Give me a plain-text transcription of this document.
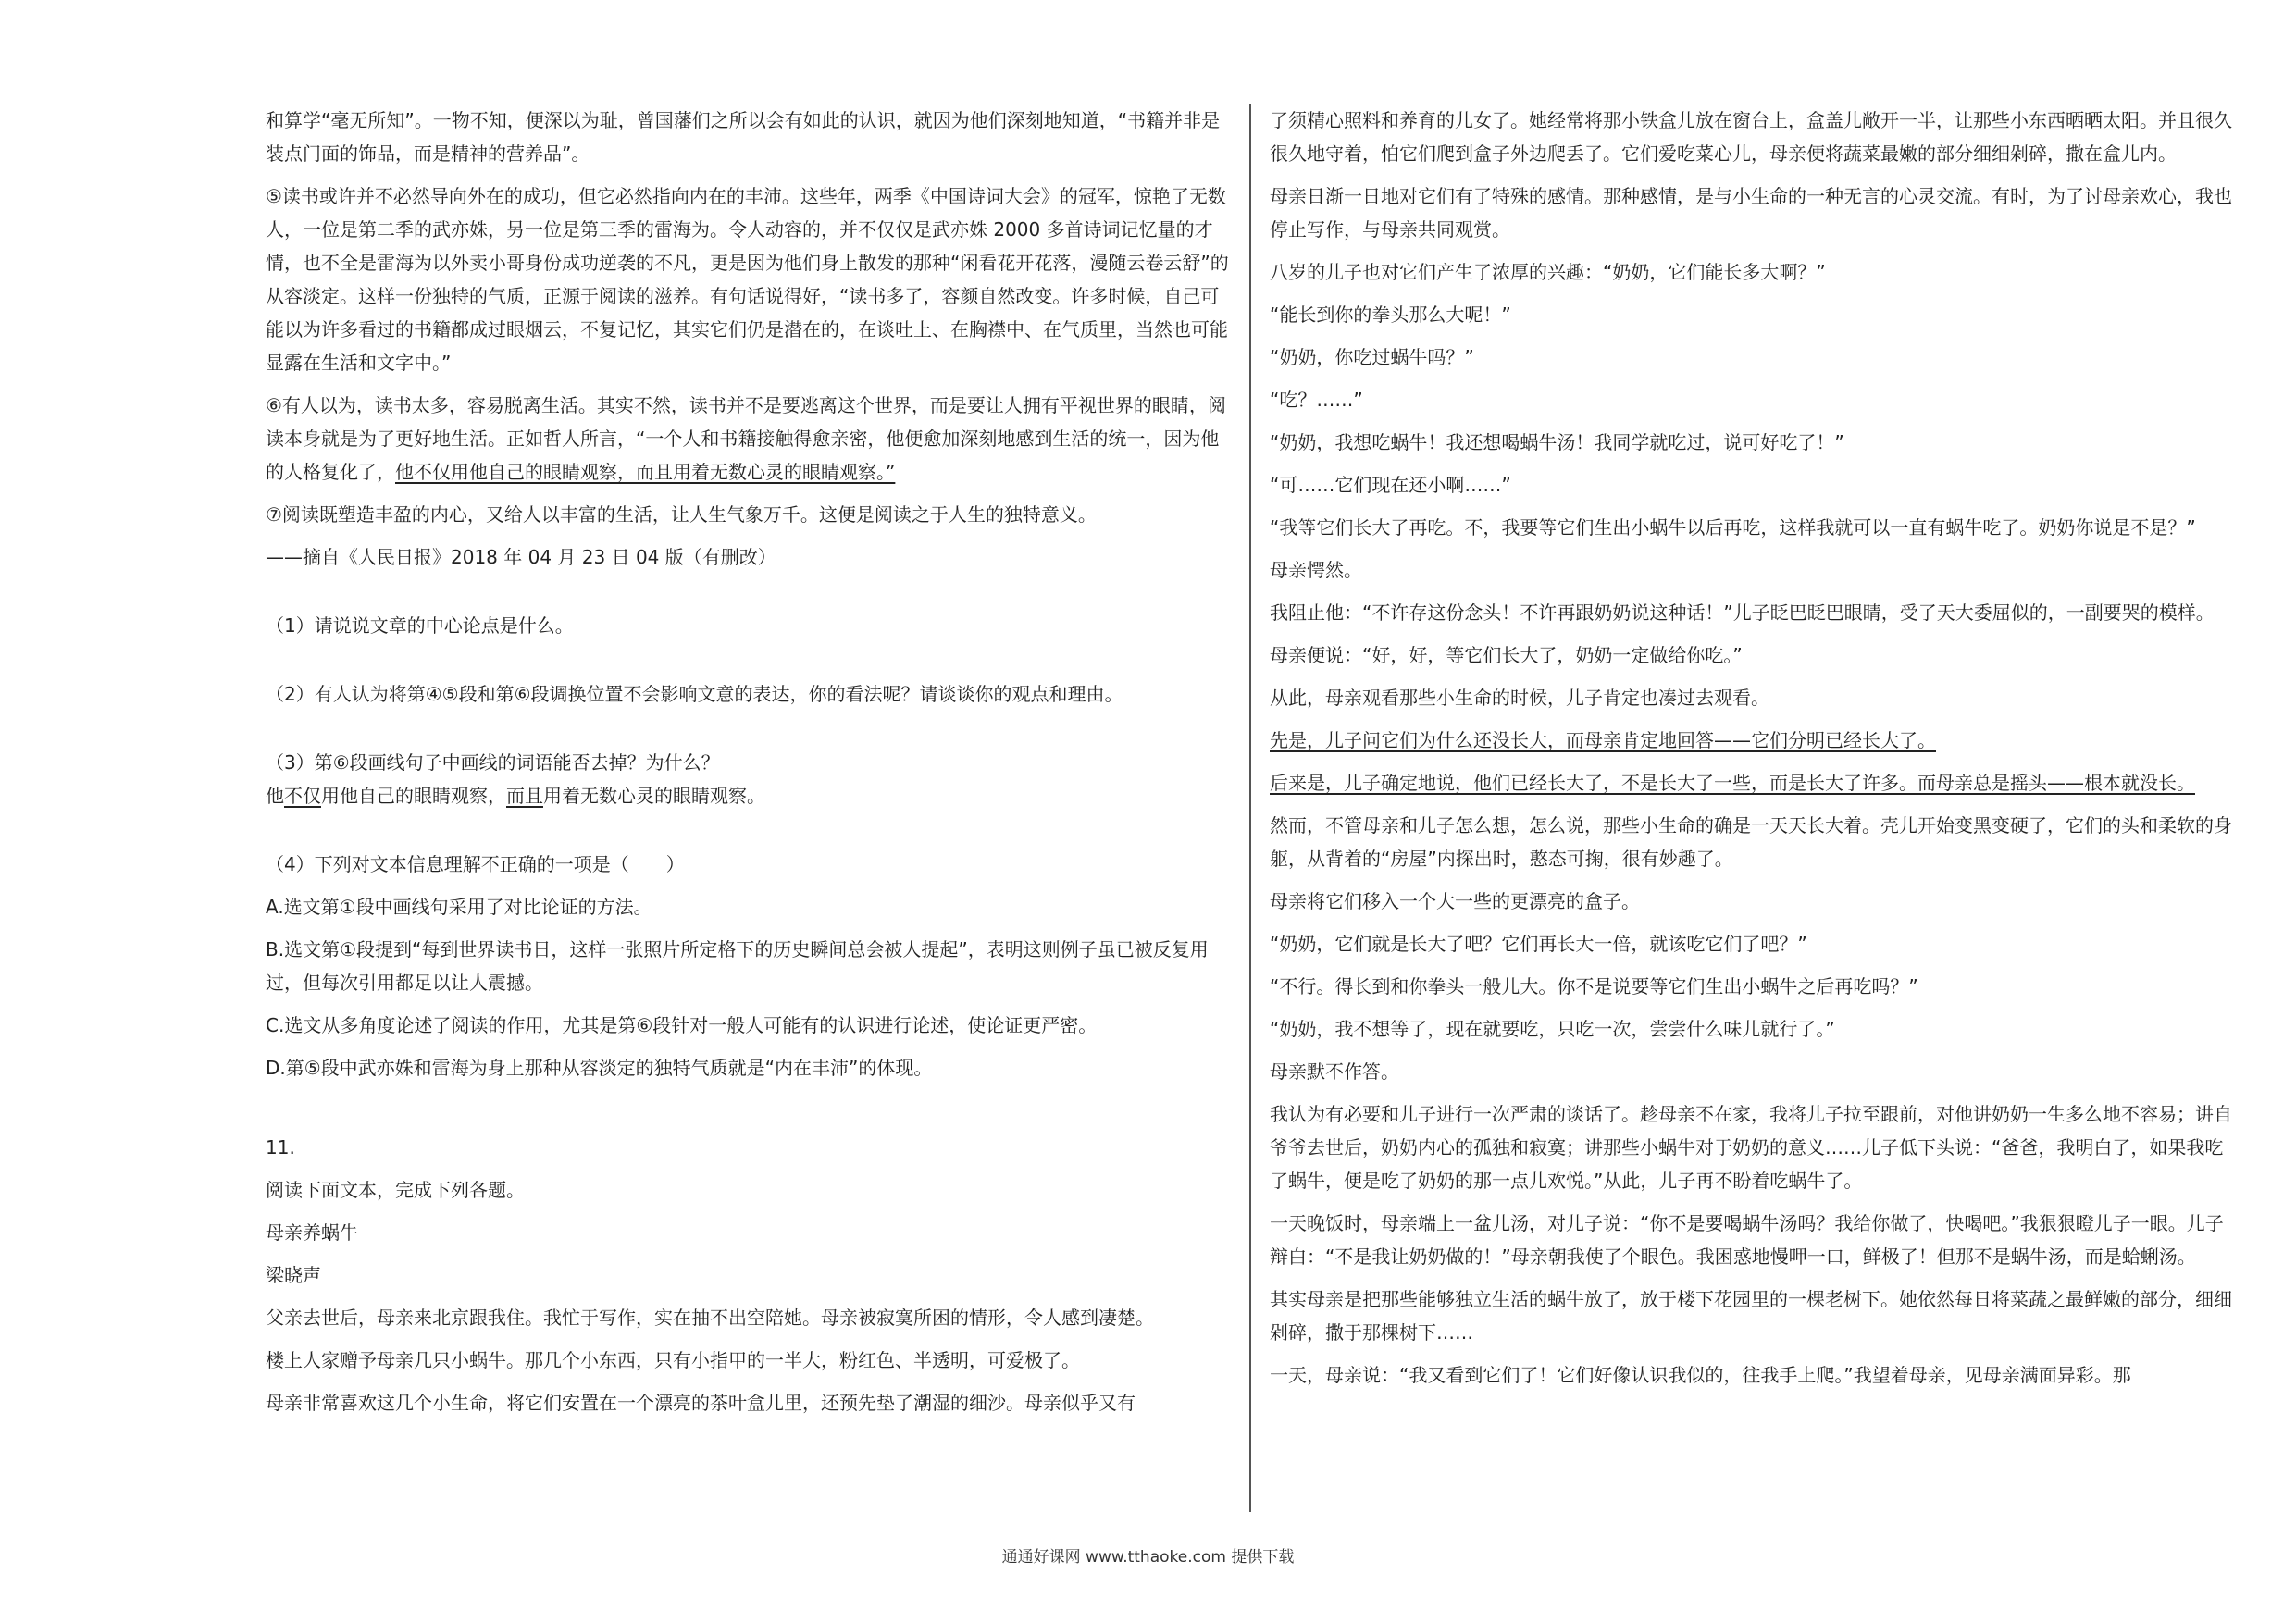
和算学“毫无所知”。一物不知，便深以为耻，曾国藩们之所以会有如此的认识，就因为他们深刻地知道，“书籍并非是装点门面的饰品，而是精神的营养品”。

⑤读书或许并不必然导向外在的成功，但它必然指向内在的丰沛。这些年，两季《中国诗词大会》的冠军，惊艳了无数人，一位是第二季的武亦姝，另一位是第三季的雷海为。令人动容的，并不仅仅是武亦姝 2000 多首诗词记忆量的才情，也不全是雷海为以外卖小哥身份成功逆袭的不凡，更是因为他们身上散发的那种“闲看花开花落，漫随云卷云舒”的从容淡定。这样一份独特的气质，正源于阅读的滋养。有句话说得好，“读书多了，容颜自然改变。许多时候，自己可能以为许多看过的书籍都成过眼烟云，不复记忆，其实它们仍是潜在的，在谈吐上、在胸襟中、在气质里，当然也可能显露在生活和文字中。”

⑥有人以为，读书太多，容易脱离生活。其实不然，读书并不是要逃离这个世界，而是要让人拥有平视世界的眼睛，阅读本身就是为了更好地生活。正如哲人所言，“一个人和书籍接触得愈亲密，他便愈加深刻地感到生活的统一，因为他的人格复化了，他不仅用他自己的眼睛观察，而且用着无数心灵的眼睛观察。”

⑦阅读既塑造丰盈的内心，又给人以丰富的生活，让人生气象万千。这便是阅读之于人生的独特意义。

——摘自《人民日报》2018 年 04 月 23 日 04 版（有删改）

（1）请说说文章的中心论点是什么。

（2）有人认为将第④⑤段和第⑥段调换位置不会影响文意的表达，你的看法呢？请谈谈你的观点和理由。

（3）第⑥段画线句子中画线的词语能否去掉？为什么？

他不仅用他自己的眼睛观察，而且用着无数心灵的眼睛观察。

（4）下列对文本信息理解不正确的一项是（　　）

A.选文第①段中画线句采用了对比论证的方法。

B.选文第①段提到“每到世界读书日，这样一张照片所定格下的历史瞬间总会被人提起”，表明这则例子虽已被反复用过，但每次引用都足以让人震撼。

C.选文从多角度论述了阅读的作用，尤其是第⑥段针对一般人可能有的认识进行论述，使论证更严密。

D.第⑤段中武亦姝和雷海为身上那种从容淡定的独特气质就是“内在丰沛”的体现。

11.

阅读下面文本，完成下列各题。

母亲养蜗牛

梁晓声

父亲去世后，母亲来北京跟我住。我忙于写作，实在抽不出空陪她。母亲被寂寞所困的情形，令人感到凄楚。

楼上人家赠予母亲几只小蜗牛。那几个小东西，只有小指甲的一半大，粉红色、半透明，可爱极了。

母亲非常喜欢这几个小生命，将它们安置在一个漂亮的茶叶盒儿里，还预先垫了潮湿的细沙。母亲似乎又有

了须精心照料和养育的儿女了。她经常将那小铁盒儿放在窗台上，盒盖儿敞开一半，让那些小东西晒晒太阳。并且很久很久地守着，怕它们爬到盒子外边爬丢了。它们爱吃菜心儿，母亲便将蔬菜最嫩的部分细细剁碎，撒在盒儿内。

母亲日渐一日地对它们有了特殊的感情。那种感情，是与小生命的一种无言的心灵交流。有时，为了讨母亲欢心，我也停止写作，与母亲共同观赏。

八岁的儿子也对它们产生了浓厚的兴趣：“奶奶，它们能长多大啊？”

“能长到你的拳头那么大呢！”

“奶奶，你吃过蜗牛吗？”

“吃？……”

“奶奶，我想吃蜗牛！我还想喝蜗牛汤！我同学就吃过，说可好吃了！”

“可……它们现在还小啊……”

“我等它们长大了再吃。不，我要等它们生出小蜗牛以后再吃，这样我就可以一直有蜗牛吃了。奶奶你说是不是？”

母亲愕然。

我阻止他：“不许存这份念头！不许再跟奶奶说这种话！”儿子眨巴眨巴眼睛，受了天大委屈似的，一副要哭的模样。

母亲便说：“好，好，等它们长大了，奶奶一定做给你吃。”

从此，母亲观看那些小生命的时候，儿子肯定也凑过去观看。

先是，儿子问它们为什么还没长大，而母亲肯定地回答——它们分明已经长大了。

后来是，儿子确定地说，他们已经长大了，不是长大了一些，而是长大了许多。而母亲总是摇头——根本就没长。

然而，不管母亲和儿子怎么想，怎么说，那些小生命的确是一天天长大着。壳儿开始变黑变硬了，它们的头和柔软的身躯，从背着的“房屋”内探出时，憨态可掬，很有妙趣了。

母亲将它们移入一个大一些的更漂亮的盒子。

“奶奶，它们就是长大了吧？它们再长大一倍，就该吃它们了吧？”

“不行。得长到和你拳头一般儿大。你不是说要等它们生出小蜗牛之后再吃吗？”

“奶奶，我不想等了，现在就要吃，只吃一次，尝尝什么味儿就行了。”

母亲默不作答。

我认为有必要和儿子进行一次严肃的谈话了。趁母亲不在家，我将儿子拉至跟前，对他讲奶奶一生多么地不容易；讲自爷爷去世后，奶奶内心的孤独和寂寞；讲那些小蜗牛对于奶奶的意义……儿子低下头说：“爸爸，我明白了，如果我吃了蜗牛，便是吃了奶奶的那一点儿欢悦。”从此，儿子再不盼着吃蜗牛了。

一天晚饭时，母亲端上一盆儿汤，对儿子说：“你不是要喝蜗牛汤吗？我给你做了，快喝吧。”我狠狠瞪儿子一眼。儿子辩白：“不是我让奶奶做的！”母亲朝我使了个眼色。我困惑地慢呷一口，鲜极了！但那不是蜗牛汤，而是蛤蜊汤。

其实母亲是把那些能够独立生活的蜗牛放了，放于楼下花园里的一棵老树下。她依然每日将菜蔬之最鲜嫩的部分，细细剁碎，撒于那棵树下……

一天，母亲说：“我又看到它们了！它们好像认识我似的，往我手上爬。”我望着母亲，见母亲满面异彩。那

通通好课网 www.tthaoke.com 提供下载
